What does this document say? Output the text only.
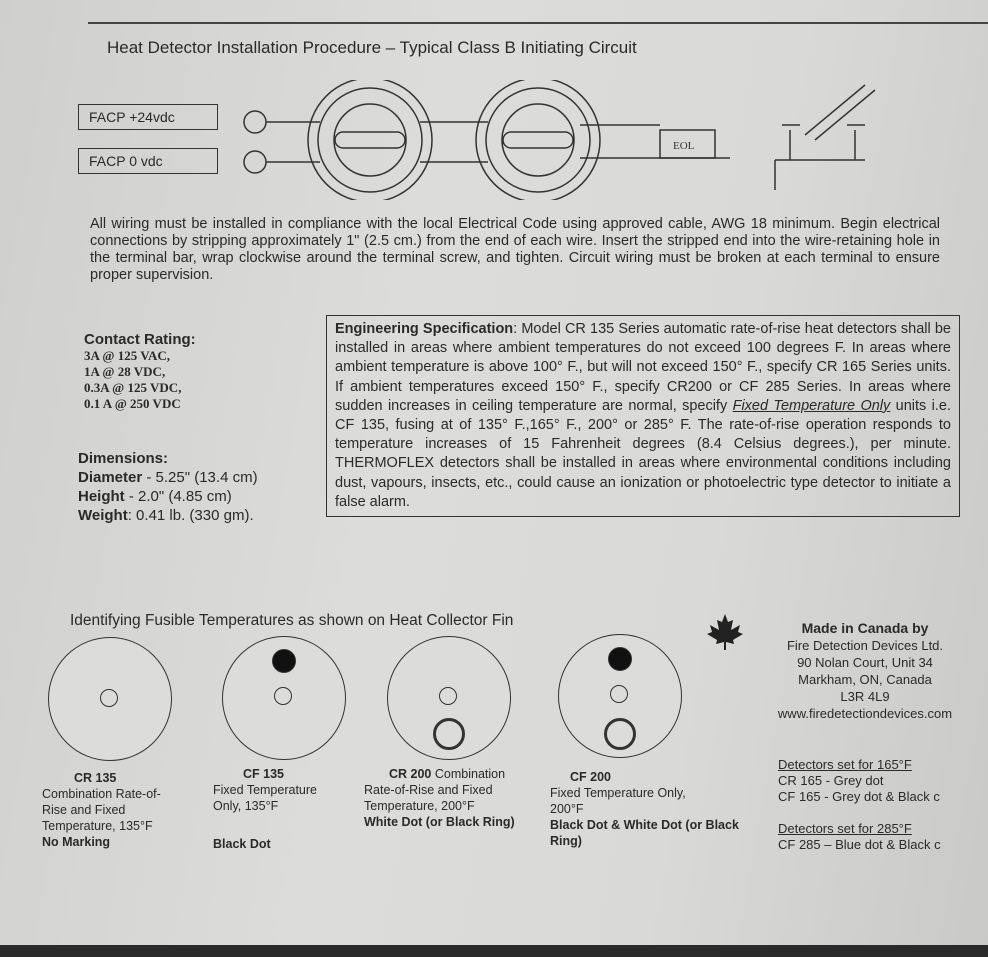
Heat Detector Installation Procedure – Typical Class B Initiating Circuit
FACP +24vdc
FACP 0 vdc
EOL
All wiring must be installed in compliance with the local Electrical Code using approved cable, AWG 18 minimum. Begin electrical connections by stripping approximately 1" (2.5 cm.) from the end of each wire. Insert the stripped end into the wire-retaining hole in the terminal bar, wrap clockwise around the terminal screw, and tighten. Circuit wiring must be broken at each terminal to ensure proper supervision.
Contact Rating:
3A @ 125 VAC,
1A @ 28 VDC,
0.3A @ 125 VDC,
0.1 A @ 250 VDC
Dimensions:
Diameter - 5.25" (13.4 cm)
Height - 2.0" (4.85 cm)
Weight: 0.41 lb. (330 gm).
Engineering Specification: Model CR 135 Series automatic rate-of-rise heat detectors shall be installed in areas where ambient temperatures do not exceed 100 degrees F. In areas where ambient temperature is above 100° F., but will not exceed 150° F., specify CR 165 Series units. If ambient temperatures exceed 150° F., specify CR200 or CF 285 Series. In areas where sudden increases in ceiling temperature are normal, specify Fixed Temperature Only units i.e. CF 135, fusing at of 135° F.,165° F., 200° or 285° F. The rate-of-rise operation responds to temperature increases of 15 Fahrenheit degrees (8.4 Celsius degrees.), per minute. THERMOFLEX detectors shall be installed in areas where environmental conditions including dust, vapours, insects, etc., could cause an ionization or photoelectric type detector to initiate a false alarm.
Identifying Fusible Temperatures as shown on Heat Collector Fin
CR 135
Combination Rate-of-Rise and Fixed Temperature, 135°F
No Marking
CF 135
Fixed Temperature Only, 135°F

Black Dot
CR 200 Combination Rate-of-Rise and Fixed Temperature, 200°F
White Dot (or Black Ring)
CF 200
Fixed Temperature Only, 200°F
Black Dot & White Dot (or Black Ring)
Made in Canada by
Fire Detection Devices Ltd.
90 Nolan Court, Unit 34
Markham, ON, Canada
L3R 4L9
www.firedetectiondevices.com
Detectors set for 165°F
CR 165 - Grey dot
CF 165 - Grey dot & Black c

Detectors set for 285°F
CF 285 – Blue dot & Black c
